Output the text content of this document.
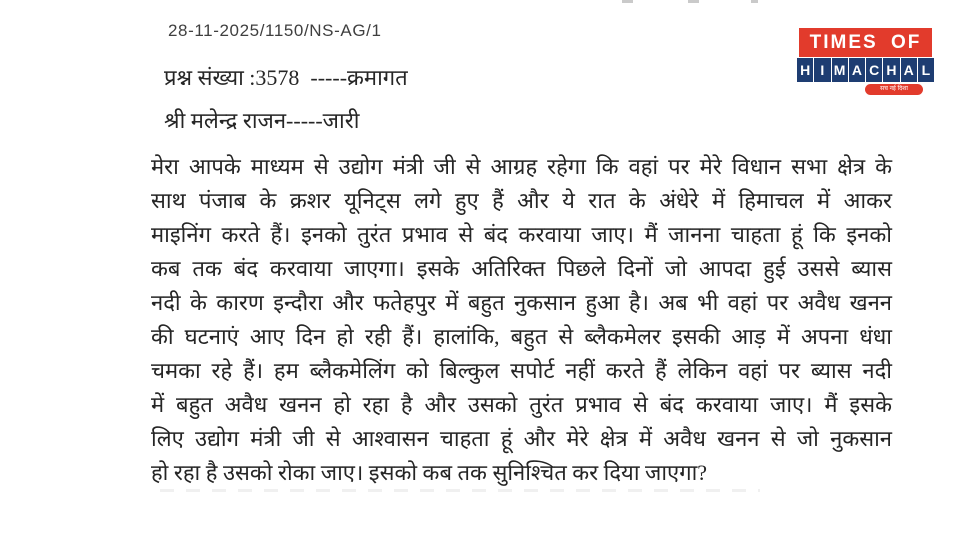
28-11-2025/1150/NS-AG/1
प्रश्न संख्या :3578  -----क्रमागत
श्री मलेन्द्र राजन-----जारी
TIMES OF
H I M A C H A L
सच नई दिशा
मेरा आपके माध्यम से उद्योग मंत्री जी से आग्रह रहेगा कि वहां पर मेरे विधान सभा क्षेत्र के
साथ पंजाब के क्रशर यूनिट्स लगे हुए हैं और ये रात के अंधेरे में हिमाचल में आकर
माइनिंग करते हैं। इनको तुरंत प्रभाव से बंद करवाया जाए। मैं जानना चाहता हूं कि इनको
कब तक बंद करवाया जाएगा। इसके अतिरिक्त पिछले दिनों जो आपदा हुई उससे ब्यास
नदी के कारण इन्दौरा और फतेहपुर में बहुत नुकसान हुआ है। अब भी वहां पर अवैध खनन
की घटनाएं आए दिन हो रही हैं। हालांकि, बहुत से ब्लैकमेलर इसकी आड़ में अपना धंधा
चमका रहे हैं। हम ब्लैकमेलिंग को बिल्कुल सपोर्ट नहीं करते हैं लेकिन वहां पर ब्यास नदी
में बहुत अवैध खनन हो रहा है और उसको तुरंत प्रभाव से बंद करवाया जाए। मैं इसके
लिए उद्योग मंत्री जी से आश्वासन चाहता हूं और मेरे क्षेत्र में अवैध खनन से जो नुकसान
हो रहा है उसको रोका जाए। इसको कब तक सुनिश्चित कर दिया जाएगा?
